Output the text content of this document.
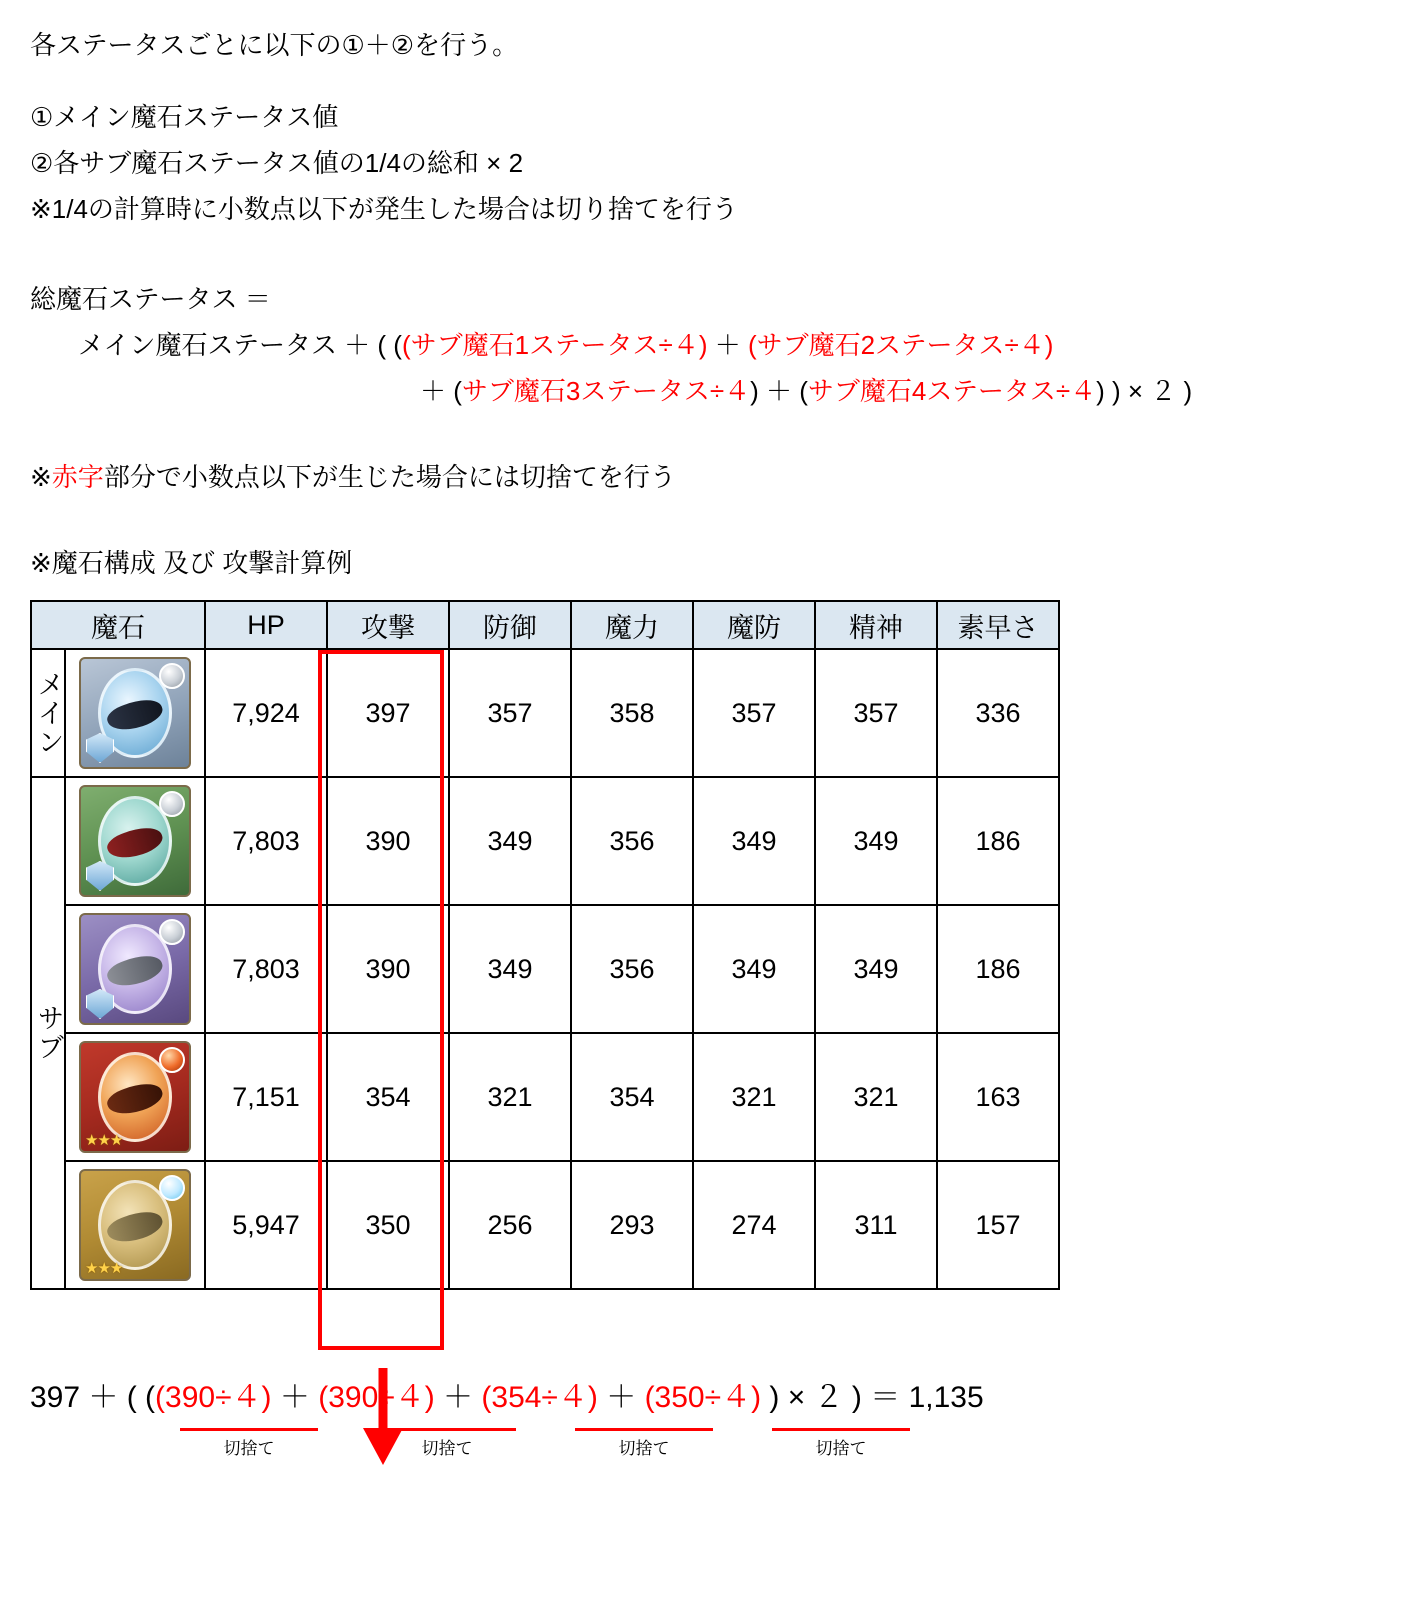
各ステータスごとに以下の①＋②を行う。
①メイン魔石ステータス値
②各サブ魔石ステータス値の1/4の総和 × 2
※1/4の計算時に小数点以下が発生した場合は切り捨てを行う
総魔石ステータス ＝
メイン魔石ステータス ＋ ( ((サブ魔石1ステータス÷４) ＋ (サブ魔石2ステータス÷４)
＋ (サブ魔石3ステータス÷４) ＋ (サブ魔石4ステータス÷４) ) × ２ )
※赤字部分で小数点以下が生じた場合には切捨てを行う
※魔石構成 及び 攻撃計算例
魔石		HP	攻撃	防御	魔力	魔防	精神	素早さ
メイン		7,924	397	357	358	357	357	336
サブ		7,803	390	349	356	349	349	186

		7,803	390	349	356	349	349	186

	★★★	7,151	354	321	354	321	321	163

	★★★	5,947	350	256	293	274	311	157
397 ＋ ( ((390÷４) ＋ (390÷４) ＋ (354÷４) ＋ (350÷４) ) × ２ ) ＝ 1,135
切捨て	切捨て	切捨て	切捨て
